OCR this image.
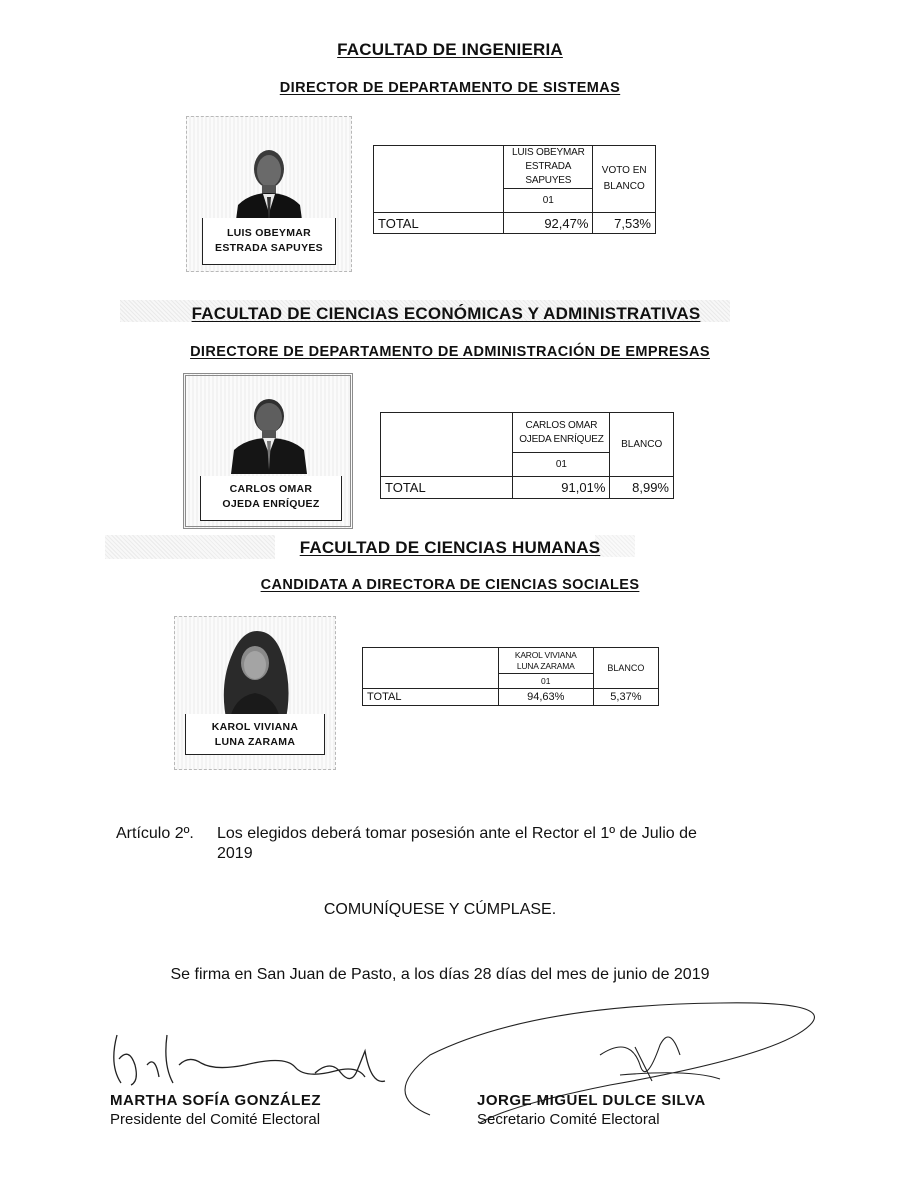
FACULTAD DE INGENIERIA
DIRECTOR DE DEPARTAMENTO DE SISTEMAS
LUIS OBEYMAR
ESTRADA SAPUYES
	LUIS OBEYMAR
ESTRADA SAPUYES	VOTO EN
BLANCO
	01	
TOTAL	92,47%	7,53%
FACULTAD DE CIENCIAS ECONÓMICAS Y ADMINISTRATIVAS
DIRECTORE DE DEPARTAMENTO DE ADMINISTRACIÓN DE EMPRESAS
CARLOS OMAR
OJEDA ENRÍQUEZ
	CARLOS OMAR
OJEDA ENRÍQUEZ	BLANCO
	01	
TOTAL	91,01%	8,99%
FACULTAD DE CIENCIAS HUMANAS
CANDIDATA A DIRECTORA DE CIENCIAS SOCIALES
KAROL VIVIANA
LUNA ZARAMA
	KAROL VIVIANA
LUNA ZARAMA	BLANCO
	01	
TOTAL	94,63%	5,37%
Artículo 2º. Los elegidos deberá tomar posesión ante el Rector el 1º de Julio de
2019
COMUNÍQUESE Y CÚMPLASE.
Se firma en San Juan de Pasto, a los días 28 días del mes de junio de 2019
MARTHA SOFÍA GONZÁLEZ
Presidente del Comité Electoral
JORGE MIGUEL DULCE SILVA
Secretario Comité Electoral
